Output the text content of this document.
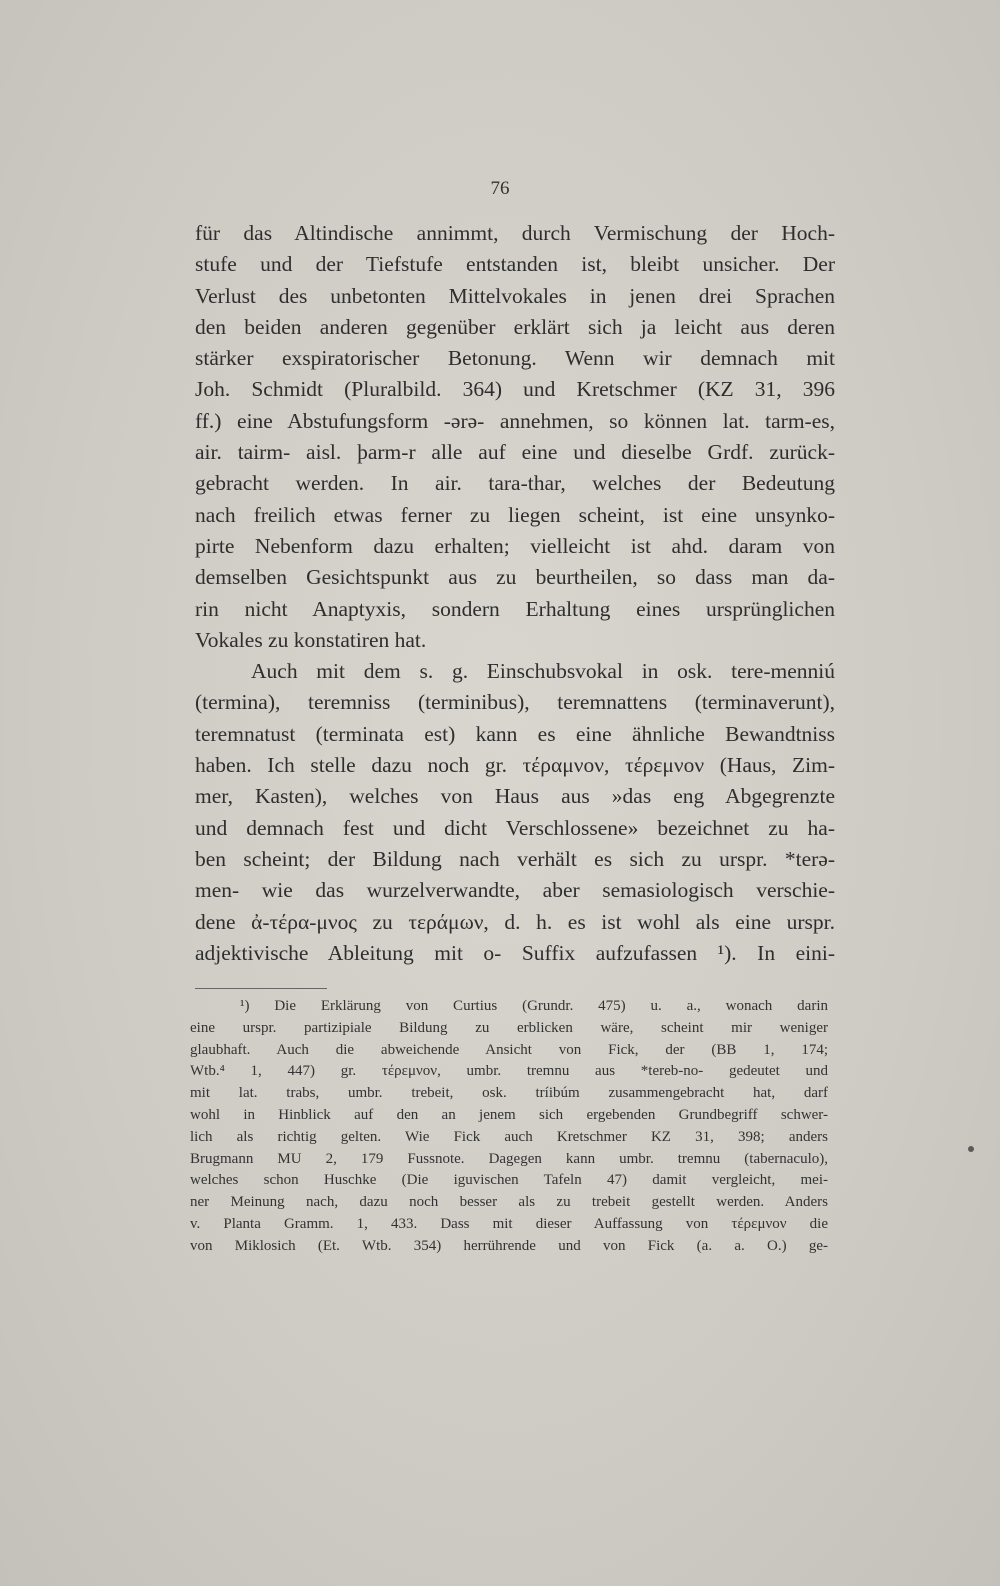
76
für das Altindische annimmt, durch Vermischung der Hoch-
stufe und der Tiefstufe entstanden ist, bleibt unsicher. Der
Verlust des unbetonten Mittelvokales in jenen drei Sprachen
den beiden anderen gegenüber erklärt sich ja leicht aus deren
stärker exspiratorischer Betonung. Wenn wir demnach mit
Joh. Schmidt (Pluralbild. 364) und Kretschmer (KZ 31, 396
ff.) eine Abstufungsform -ərə- annehmen, so können lat. tarm-es,
air. tairm- aisl. þarm-r alle auf eine und dieselbe Grdf. zurück-
gebracht werden. In air. tara-thar, welches der Bedeutung
nach freilich etwas ferner zu liegen scheint, ist eine unsynko-
pirte Nebenform dazu erhalten; vielleicht ist ahd. daram von
demselben Gesichtspunkt aus zu beurtheilen, so dass man da-
rin nicht Anaptyxis, sondern Erhaltung eines ursprünglichen
Vokales zu konstatiren hat.
Auch mit dem s. g. Einschubsvokal in osk. tere-menniú
(termina), teremniss (terminibus), teremnattens (terminaverunt),
teremnatust (terminata est) kann es eine ähnliche Bewandtniss
haben. Ich stelle dazu noch gr. τέραμνον, τέρεμνον (Haus, Zim-
mer, Kasten), welches von Haus aus »das eng Abgegrenzte
und demnach fest und dicht Verschlossene» bezeichnet zu ha-
ben scheint; der Bildung nach verhält es sich zu urspr. *terə-
men- wie das wurzelverwandte, aber semasiologisch verschie-
dene ἀ-τέρα-μνος zu τεράμων, d. h. es ist wohl als eine urspr.
adjektivische Ableitung mit o- Suffix aufzufassen ¹). In eini-
¹) Die Erklärung von Curtius (Grundr. 475) u. a., wonach darin
eine urspr. partizipiale Bildung zu erblicken wäre, scheint mir weniger
glaubhaft. Auch die abweichende Ansicht von Fick, der (BB 1, 174;
Wtb.⁴ 1, 447) gr. τέρεμνον, umbr. tremnu aus *tereb-no- gedeutet und
mit lat. trabs, umbr. trebeit, osk. tríibúm zusammengebracht hat, darf
wohl in Hinblick auf den an jenem sich ergebenden Grundbegriff schwer-
lich als richtig gelten. Wie Fick auch Kretschmer KZ 31, 398; anders
Brugmann MU 2, 179 Fussnote. Dagegen kann umbr. tremnu (tabernaculo),
welches schon Huschke (Die iguvischen Tafeln 47) damit vergleicht, mei-
ner Meinung nach, dazu noch besser als zu trebeit gestellt werden. Anders
v. Planta Gramm. 1, 433. Dass mit dieser Auffassung von τέρεμνον die
von Miklosich (Et. Wtb. 354) herrührende und von Fick (a. a. O.) ge-
